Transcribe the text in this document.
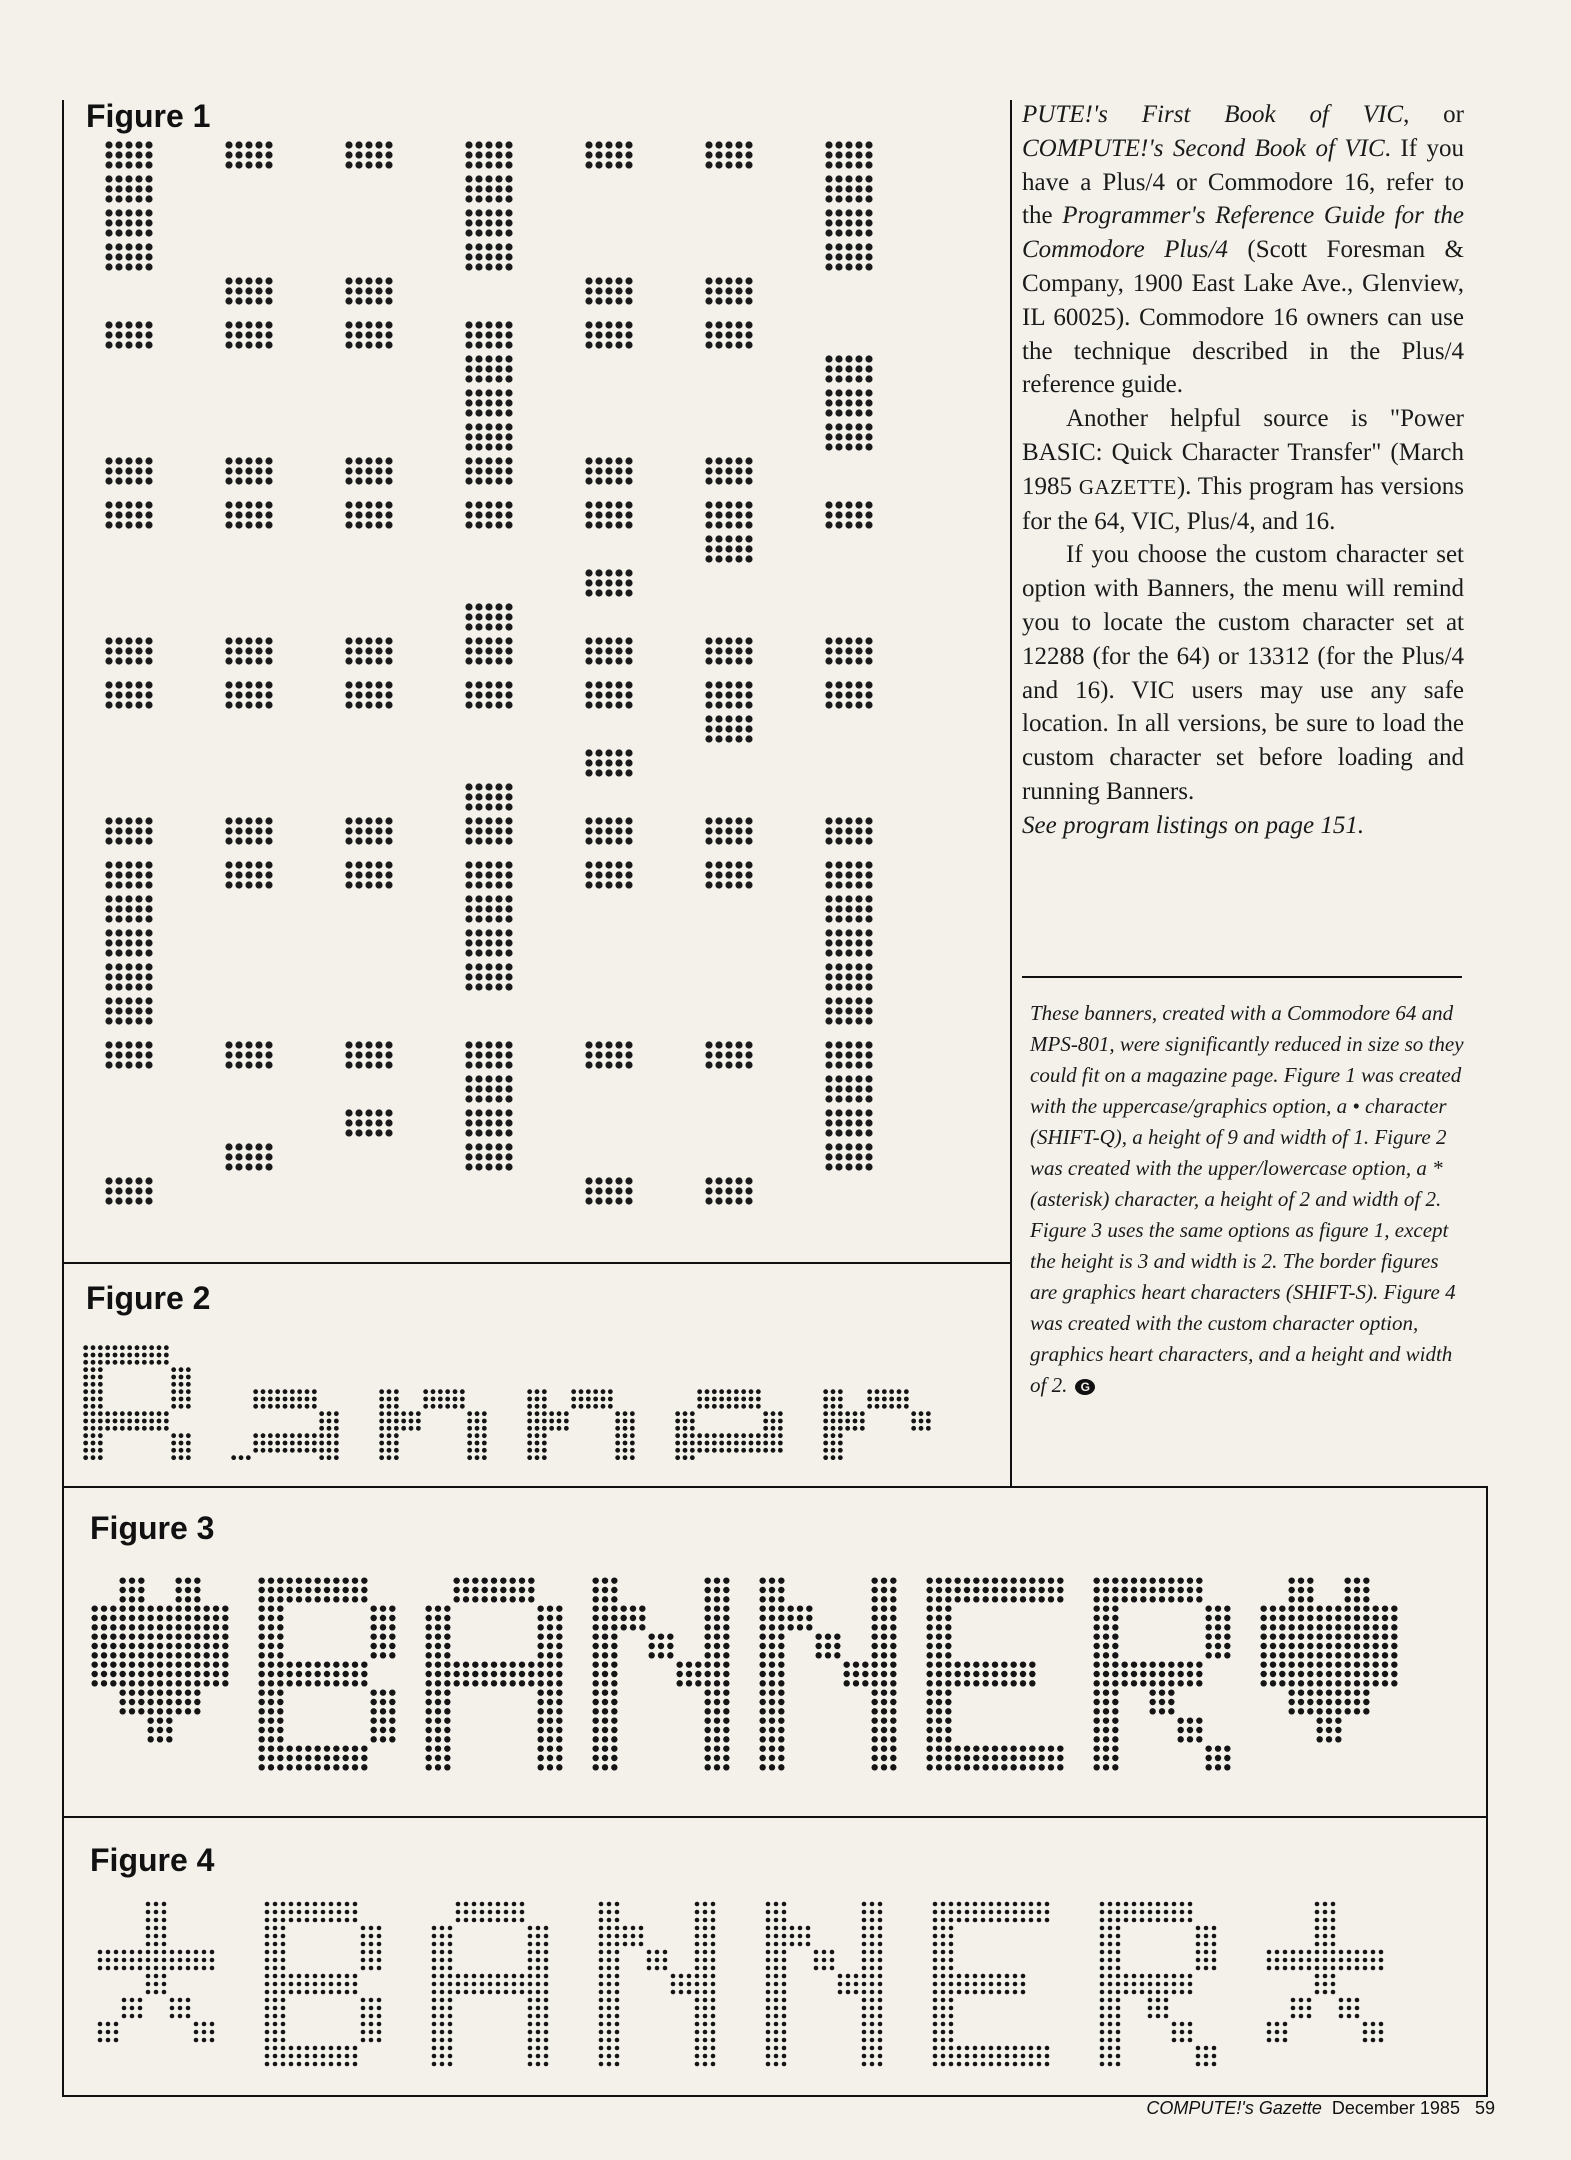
Figure 1
Figure 2
Figure 3
Figure 4

PUTE!'s First Book of VIC, or COMPUTE!'s Second Book of VIC. If you have a Plus/4 or Commodore 16, refer to the Programmer's Reference Guide for the Commodore Plus/4 (Scott Foresman & Company, 1900 East Lake Ave., Glenview, IL 60025). Commodore 16 owners can use the technique described in the Plus/4 reference guide.

Another helpful source is "Power BASIC: Quick Character Transfer" (March 1985 GAZETTE). This program has versions for the 64, VIC, Plus/4, and 16.

If you choose the custom character set option with Banners, the menu will remind you to locate the custom character set at 12288 (for the 64) or 13312 (for the Plus/4 and 16). VIC users may use any safe location. In all versions, be sure to load the custom character set before loading and running Banners.

See program listings on page 151.

These banners, created with a Commodore 64 and MPS-801, were significantly reduced in size so they could fit on a magazine page. Figure 1 was created with the uppercase/graphics option, a • character (SHIFT-Q), a height of 9 and width of 1. Figure 2 was created with the upper/lowercase option, a * (asterisk) character, a height of 2 and width of 2. Figure 3 uses the same options as figure 1, except the height is 3 and width is 2. The border figures are graphics heart characters (SHIFT-S). Figure 4 was created with the custom character option, graphics heart characters, and a height and width of 2. G
COMPUTE!'s Gazette December 1985 59
